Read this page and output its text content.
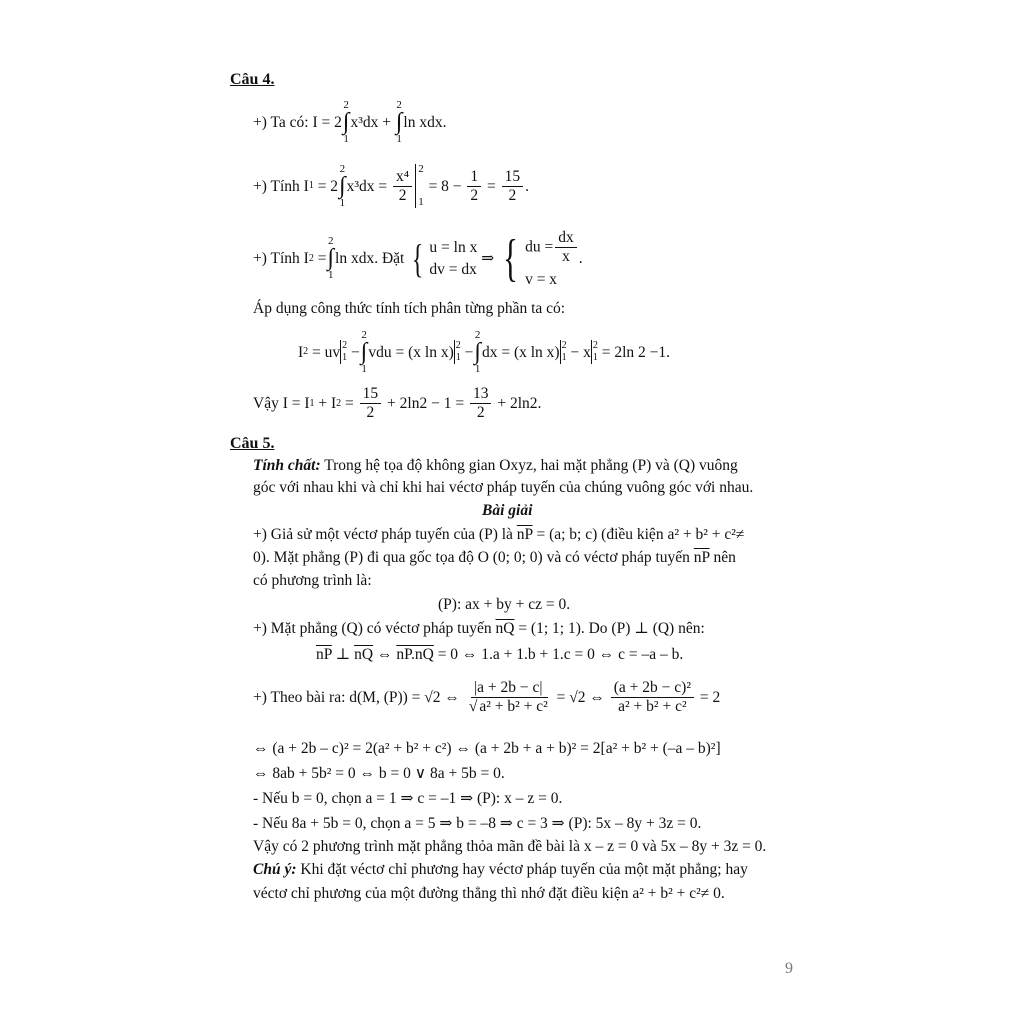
Câu 4.
+) Ta có: I = 2
2
∫
1
x³dx +
2
∫
1
ln xdx.
+) Tính I1 = 2
2
∫
1
$x^3dx = \frac{\text{x⁴}}{2} 2$
1
= $8 - \frac{1}{2} = \frac{15}{2}$ .
+) Tính I2 =
2
∫
1
ln xdx. Đặt { u = ln x
dv = dx
⇒ { du = $\frac{dx}{x}$
v = x
.
Áp dụng công thức tính tích phân từng phần ta có:
I2 = uv 2
1 −
2
∫
1
vdu = (x ln x) 2
1 −
2
∫
1
dx = (x ln x) 2
1 − x 2
1 = 2ln 2 −1.
Vậy $I = I1 + I2 = \frac{15}{2} + 2\ln 2 - 1 = \frac{13}{2} + 2\ln 2$.
Câu 5.
Tính chất: Trong hệ tọa độ không gian Oxyz, hai mặt phẳng (P) và (Q) vuông
góc với nhau khi và chỉ khi hai véctơ pháp tuyến của chúng vuông góc với nhau.
Bài giải
+) Giả sử một véctơ pháp tuyến của (P) là $\overline{nP} = (a$; b; c) (điều kiện a² + b² + c²≠
0). Mặt phẳng (P) đi qua gốc tọa độ O (0; 0; 0) và có véctơ pháp tuyến $\overline{nP}$ nên
có phương trình là:
(P): ax + by + cz = 0.
+) Mặt phẳng (Q) có véctơ pháp tuyến $\overline{nQ} = (1$; 1; 1). Do (P) ⊥ (Q) nên:
$\overline{nP}$ ⊥ $\overline{nQ}$ ⇔ nP.nQ = 0 ⇔ 1.a + 1.b + 1.c = 0 ⇔ c = –a – b.
+) Theo bài ra: d(M, (P)) = √2 ⇔ $\frac{|a + 2b - c|}{\text{√ a² + b² + c²}} = √2$ ⇔ $\frac{\text{(a + 2b − c)²}}{\text{a² + b² + c²}} = 2$
⇔ (a + 2b – c)² = 2(a² + b² + c²) ⇔ (a + 2b + a + b)² = 2[a² + b² + (–a – b)²]
⇔ 8ab + 5b² = 0 ⇔ b = 0 ∨ 8a + 5b = 0.
- Nếu b = 0, chọn a = 1 ⇒ c = –1 ⇒ (P): x – z = 0.
- Nếu 8a + 5b = 0, chọn a = 5 ⇒ b = –8 ⇒ c = 3 ⇒ (P): 5x – 8y + 3z = 0.
Vậy có 2 phương trình mặt phẳng thỏa mãn đề bài là x – z = 0 và 5x – 8y + 3z = 0.
Chú ý: Khi đặt véctơ chỉ phương hay véctơ pháp tuyến của một mặt phẳng; hay
véctơ chỉ phương của một đường thẳng thì nhớ đặt điều kiện a² + b² + c²≠ 0.
9
